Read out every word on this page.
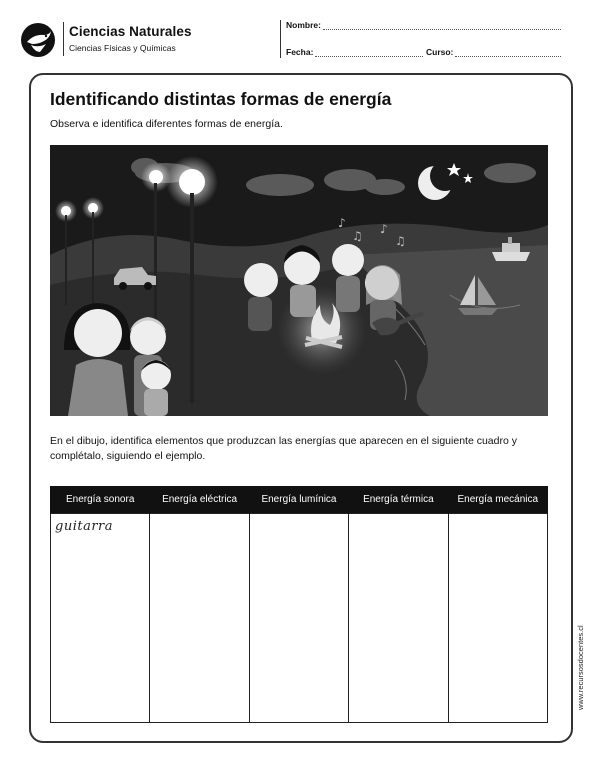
Ciencias Naturales
Ciencias Físicas y Químicas
Nombre:
Fecha:	Curso:
Identificando distintas formas de energía
Observa e identifica diferentes formas de energía.
♪
♫ ♪
♫
En el dibujo, identifica elementos que produzcan las energías que aparecen en el siguiente cuadro y complétalo, siguiendo el ejemplo.
Energía sonora	Energía eléctrica	Energía lumínica	Energía térmica	Energía mecánica
guitarra				
www.recursosdocentes.cl
